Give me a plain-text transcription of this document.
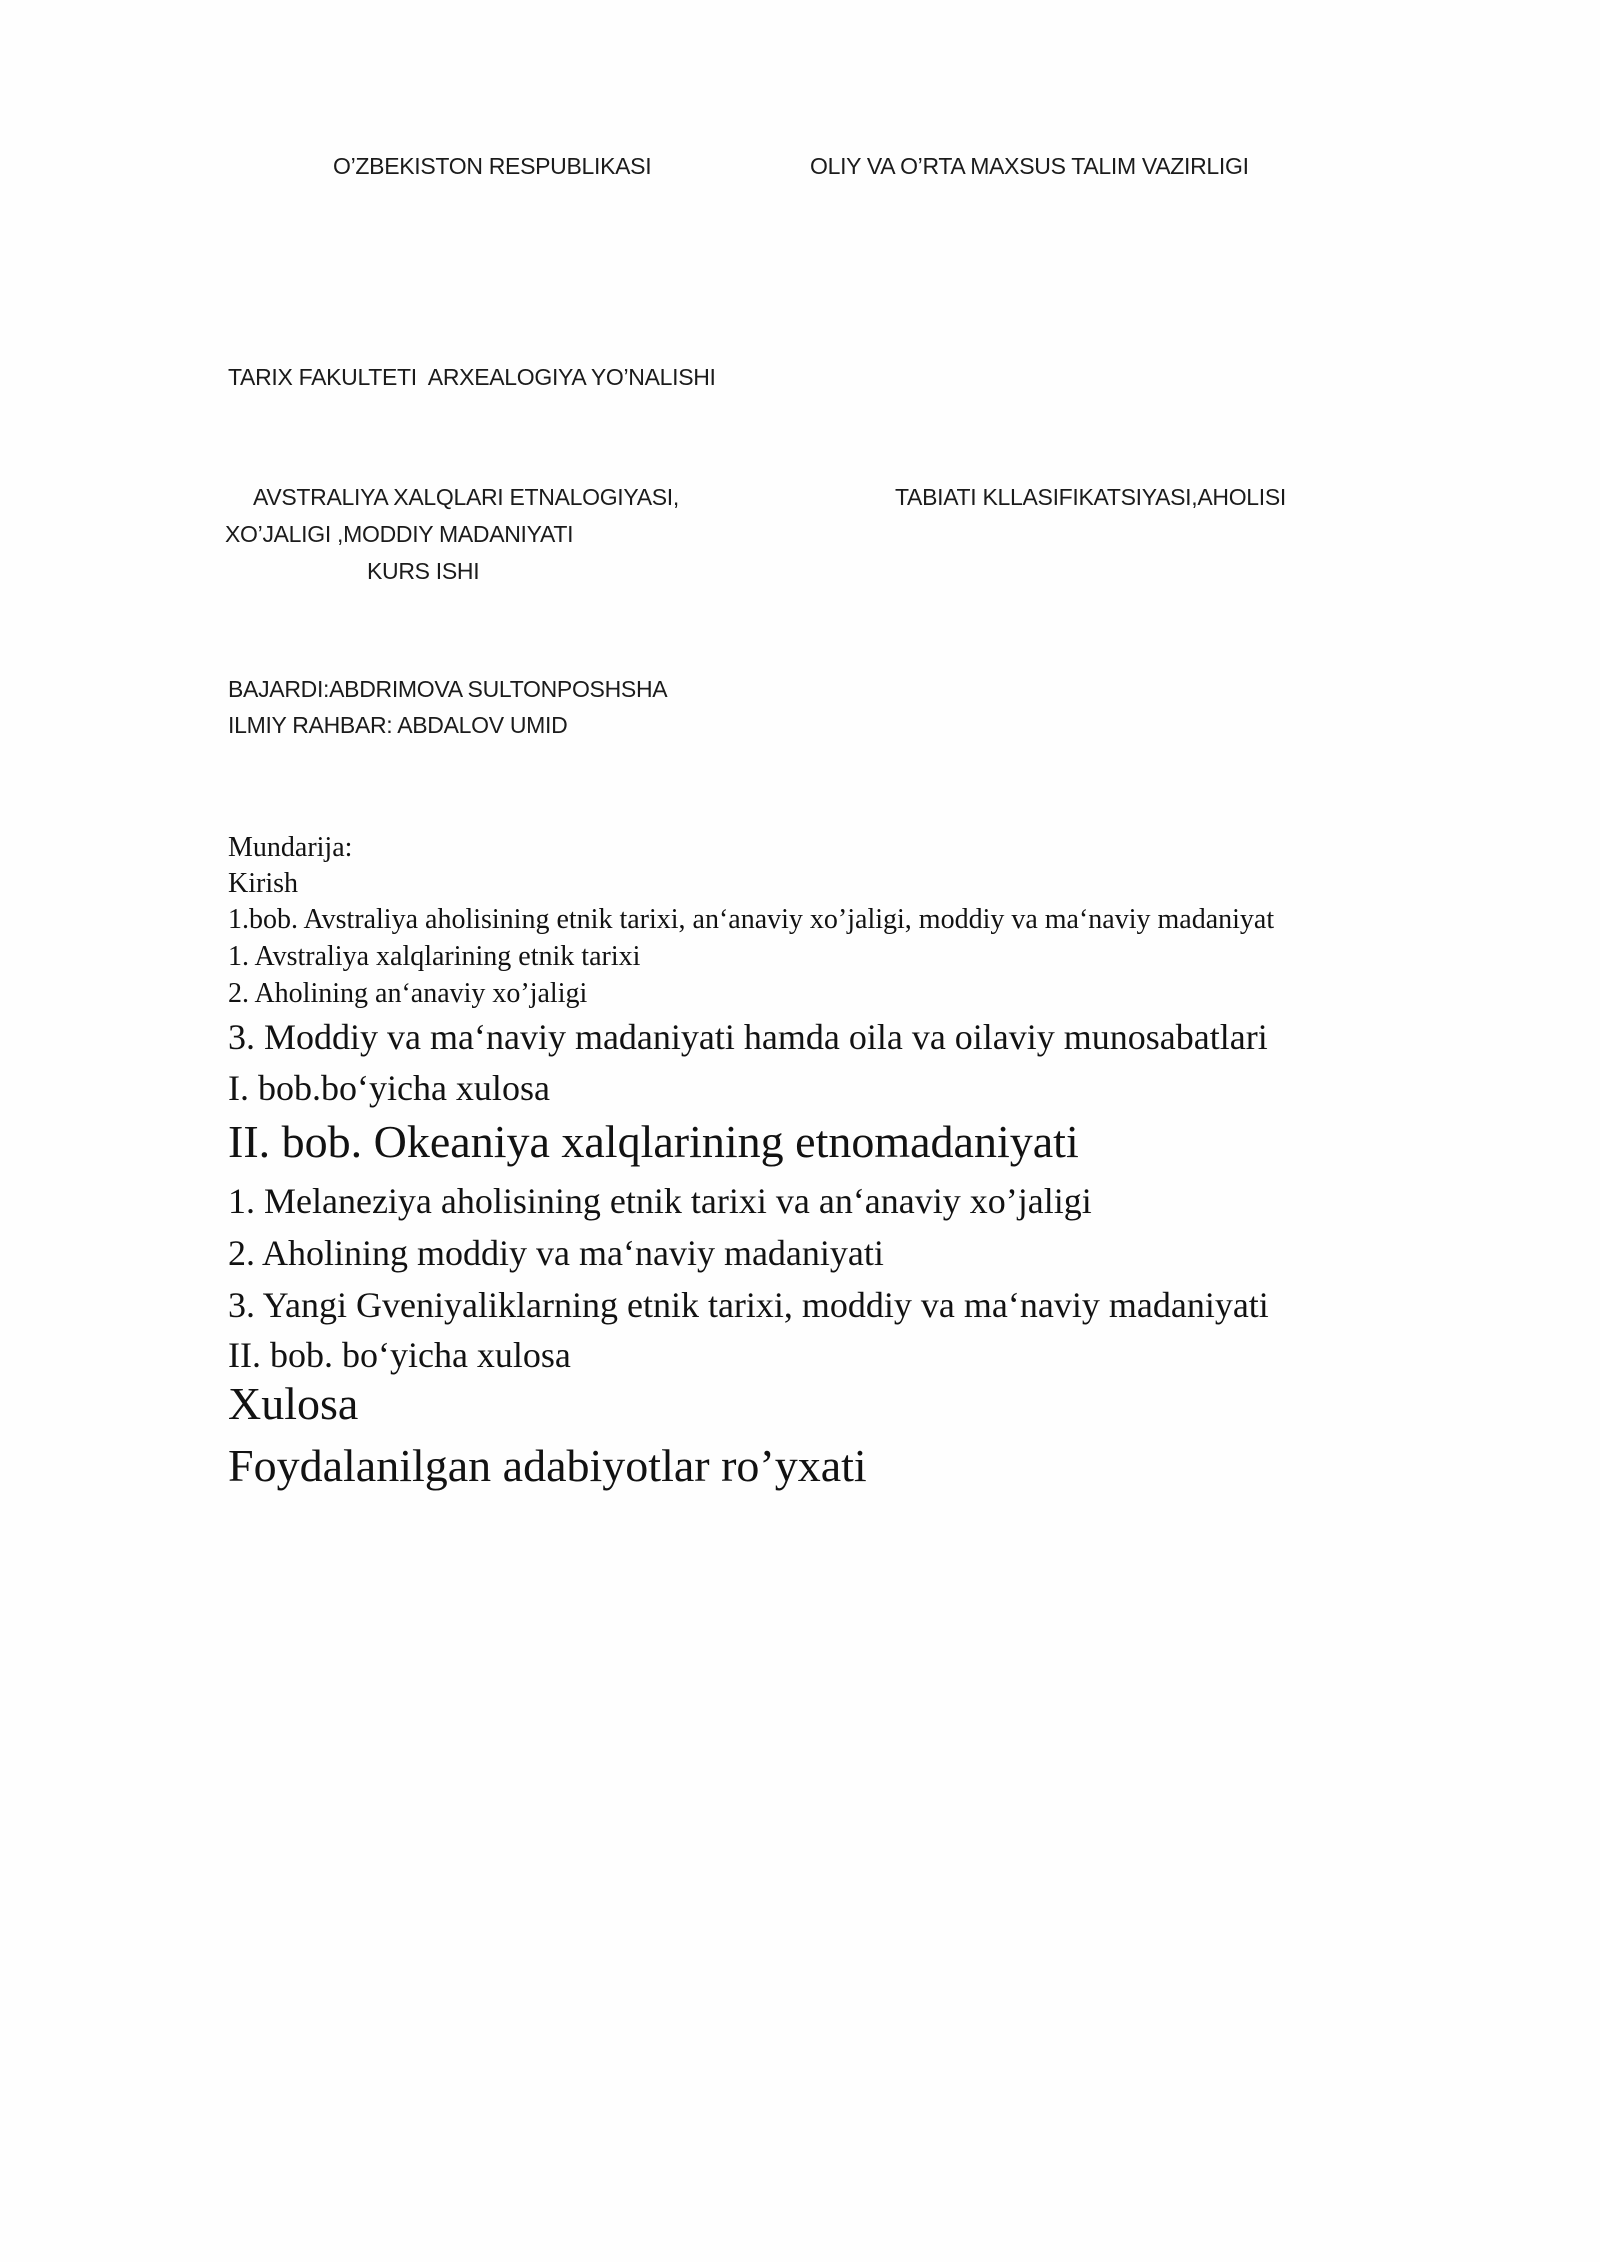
O’ZBEKISTON RESPUBLIKASI	OLIY VA O’RTA MAXSUS TALIM VAZIRLIGI
TARIX FAKULTETI  ARXEALOGIYA YO’NALISHI
AVSTRALIYA XALQLARI ETNALOGIYASI,	TABIATI KLLASIFIKATSIYASI,AHOLISI
XO’JALIGI ,MODDIY MADANIYATI
KURS ISHI
BAJARDI:ABDRIMOVA SULTONPOSHSHA
ILMIY RAHBAR: ABDALOV UMID
Mundarija:
Kirish
1.bob. Avstraliya aholisining etnik tarixi, an‘anaviy xo’jaligi, moddiy va ma‘naviy madaniyat
1. Avstraliya xalqlarining etnik tarixi
2. Aholining an‘anaviy xo’jaligi
3. Moddiy va ma‘naviy madaniyati hamda oila va oilaviy munosabatlari
I. bob.bo‘yicha xulosa
II. bob. Okeaniya xalqlarining etnomadaniyati
1. Melaneziya aholisining etnik tarixi va an‘anaviy xo’jaligi
2. Aholining moddiy va ma‘naviy madaniyati
3. Yangi Gveniyaliklarning etnik tarixi, moddiy va ma‘naviy madaniyati
II. bob. bo‘yicha xulosa
Xulosa
Foydalanilgan adabiyotlar ro’yxati
